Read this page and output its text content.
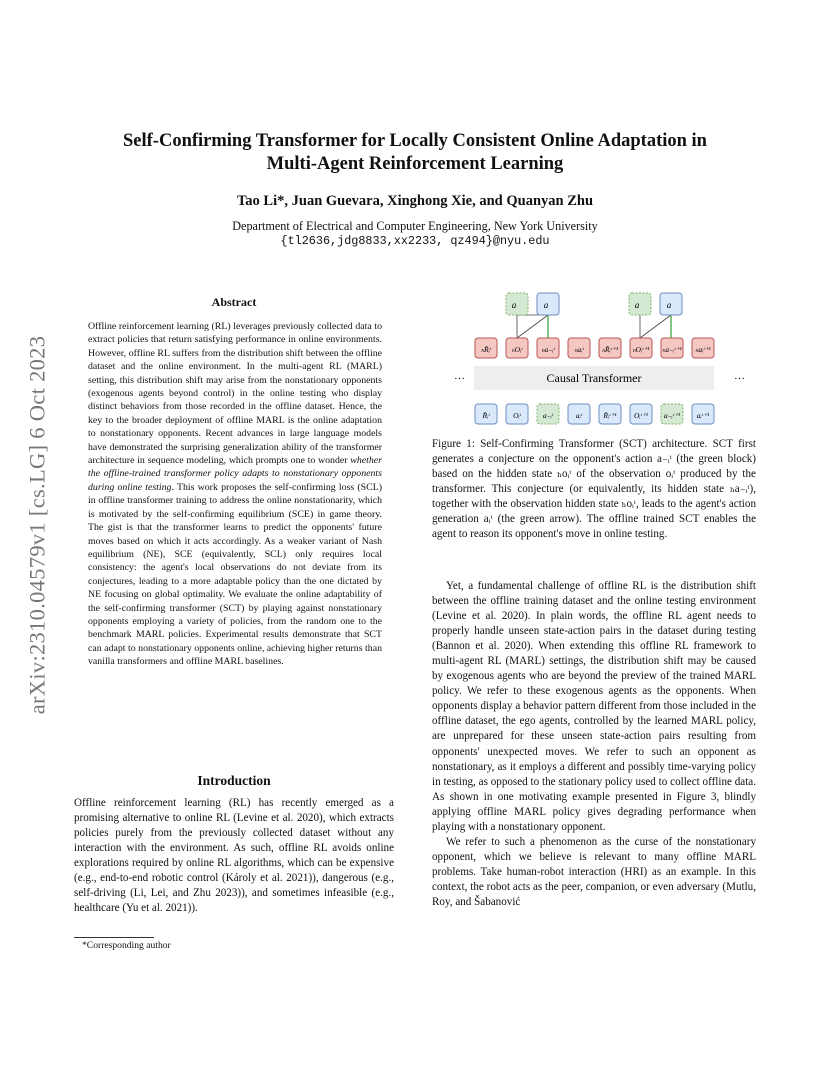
arXiv:2310.04579v1 [cs.LG] 6 Oct 2023
Self-Confirming Transformer for Locally Consistent Online Adaptation in
Multi-Agent Reinforcement Learning
Tao Li*, Juan Guevara, Xinghong Xie, and Quanyan Zhu
Department of Electrical and Computer Engineering, New York University
{tl2636,jdg8833,xx2233, qz494}@nyu.edu
Abstract
Offline reinforcement learning (RL) leverages previously collected data to extract policies that return satisfying performance in online environments. However, offline RL suffers from the distribution shift between the offline dataset and the online environment. In the multi-agent RL (MARL) setting, this distribution shift may arise from the nonstationary opponents (exogenous agents beyond control) in the online testing who display distinct behaviors from those recorded in the offline dataset. Hence, the key to the broader deployment of offline MARL is the online adaptation to nonstationary opponents. Recent advances in large language models have demonstrated the surprising generalization ability of the transformer architecture in sequence modeling, which prompts one to wonder whether the offline-trained transformer policy adapts to nonstationary opponents during online testing. This work proposes the self-confirming loss (SCL) in offline transformer training to address the online nonstationarity, which is motivated by the self-confirming equilibrium (SCE) in game theory. The gist is that the transformer learns to predict the opponents' future moves based on which it acts accordingly. As a weaker variant of Nash equilibrium (NE), SCE (equivalently, SCL) only requires local consistency: the agent's local observations do not deviate from its conjectures, leading to a more adaptable policy than the one dictated by NE focusing on global optimality. We evaluate the online adaptability of the self-confirming transformer (SCT) by playing against nonstationary opponents employing a variety of policies, from the random one to the benchmark MARL policies. Experimental results demonstrate that SCT can adapt to nonstationary opponents online, achieving higher returns than vanilla transformers and offline MARL baselines.
Introduction

Offline reinforcement learning (RL) has recently emerged as a promising alternative to online RL (Levine et al. 2020), which extracts policies purely from the previously collected dataset without any interaction with the environment. As such, offline RL avoids online explorations required by online RL algorithms, which can be expensive (e.g., end-to-end robotic control (Károly et al. 2021)), dangerous (e.g., self-driving (Li, Lei, and Zhu 2023)), and sometimes infeasible (e.g., healthcare (Yu et al. 2021)).

*Corresponding author
a	a	a	a
ₕR̂ᵢᵗ	ₕOᵢᵗ	ₕa₋ᵢᵗ	ₕaᵢᵗ ₕR̂ᵢᵗ⁺¹ ₕOᵢᵗ⁺¹ ₕa₋ᵢᵗ⁺¹ ₕaᵢᵗ⁺¹
Causal Transformer
···	···
R̂ᵢᵗ	Oᵢᵗ	a₋ᵢᵗ	aᵢᵗ	R̂ᵢᵗ⁺¹ Oᵢᵗ⁺¹ a₋ᵢᵗ⁺¹ aᵢᵗ⁺¹

Figure 1: Self-Confirming Transformer (SCT) architecture. SCT first generates a conjecture on the opponent's action a₋ᵢᵗ (the green block) based on the hidden state ₕoᵢᵗ of the observation oᵢᵗ produced by the transformer. This conjecture (or equivalently, its hidden state ₕa₋ᵢᵗ), together with the observation hidden state ₕoᵢᵗ, leads to the agent's action generation aᵢᵗ (the green arrow). The offline trained SCT enables the agent to reason its opponent's move in online testing.

Yet, a fundamental challenge of offline RL is the distribution shift between the offline training dataset and the online testing environment (Levine et al. 2020). In plain words, the offline RL agent needs to properly handle unseen state-action pairs in the dataset during testing (Bannon et al. 2020). When extending this offline RL framework to multi-agent RL (MARL) settings, the distribution shift may be caused by exogenous agents who are beyond the preview of the trained MARL policy. We refer to these exogenous agents as the opponents. When opponents display a behavior pattern different from those included in the offline dataset, the ego agents, controlled by the learned MARL policy, are unprepared for these unseen state-action pairs resulting from opponents' unexpected moves. We refer to such an opponent as nonstationary, as it employs a different and possibly time-varying policy in testing, as opposed to the stationary policy used to collect offline data. As shown in one motivating example presented in Figure 3, blindly applying offline MARL policy gives degrading performance when playing with a nonstationary opponent.

We refer to such a phenomenon as the curse of the nonstationary opponent, which we believe is relevant to many offline MARL problems. Take human-robot interaction (HRI) as an example. In this context, the robot acts as the peer, companion, or even adversary (Mutlu, Roy, and Šabanović
